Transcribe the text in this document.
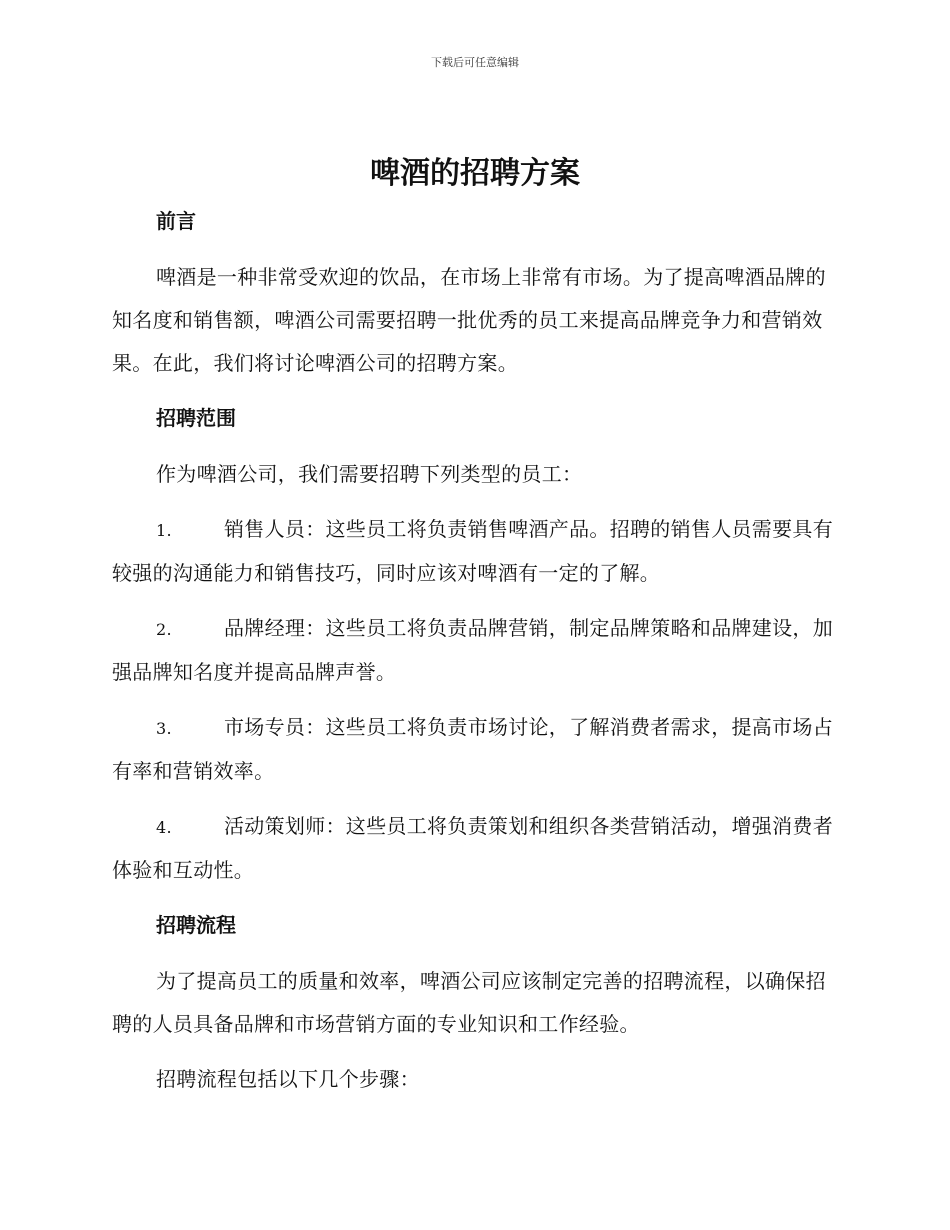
下载后可任意编辑
啤酒的招聘方案
前言

啤酒是一种非常受欢迎的饮品，在市场上非常有市场。为了提高啤酒品牌的知名度和销售额，啤酒公司需要招聘一批优秀的员工来提高品牌竞争力和营销效果。在此，我们将讨论啤酒公司的招聘方案。

招聘范围

作为啤酒公司，我们需要招聘下列类型的员工：

1.	销售人员：这些员工将负责销售啤酒产品。招聘的销售人员需要具有较强的沟通能力和销售技巧，同时应该对啤酒有一定的了解。

2.	品牌经理：这些员工将负责品牌营销，制定品牌策略和品牌建设，加强品牌知名度并提高品牌声誉。

3.	市场专员：这些员工将负责市场讨论，了解消费者需求，提高市场占有率和营销效率。

4.	活动策划师：这些员工将负责策划和组织各类营销活动，增强消费者体验和互动性。

招聘流程

为了提高员工的质量和效率，啤酒公司应该制定完善的招聘流程，以确保招聘的人员具备品牌和市场营销方面的专业知识和工作经验。

招聘流程包括以下几个步骤：
